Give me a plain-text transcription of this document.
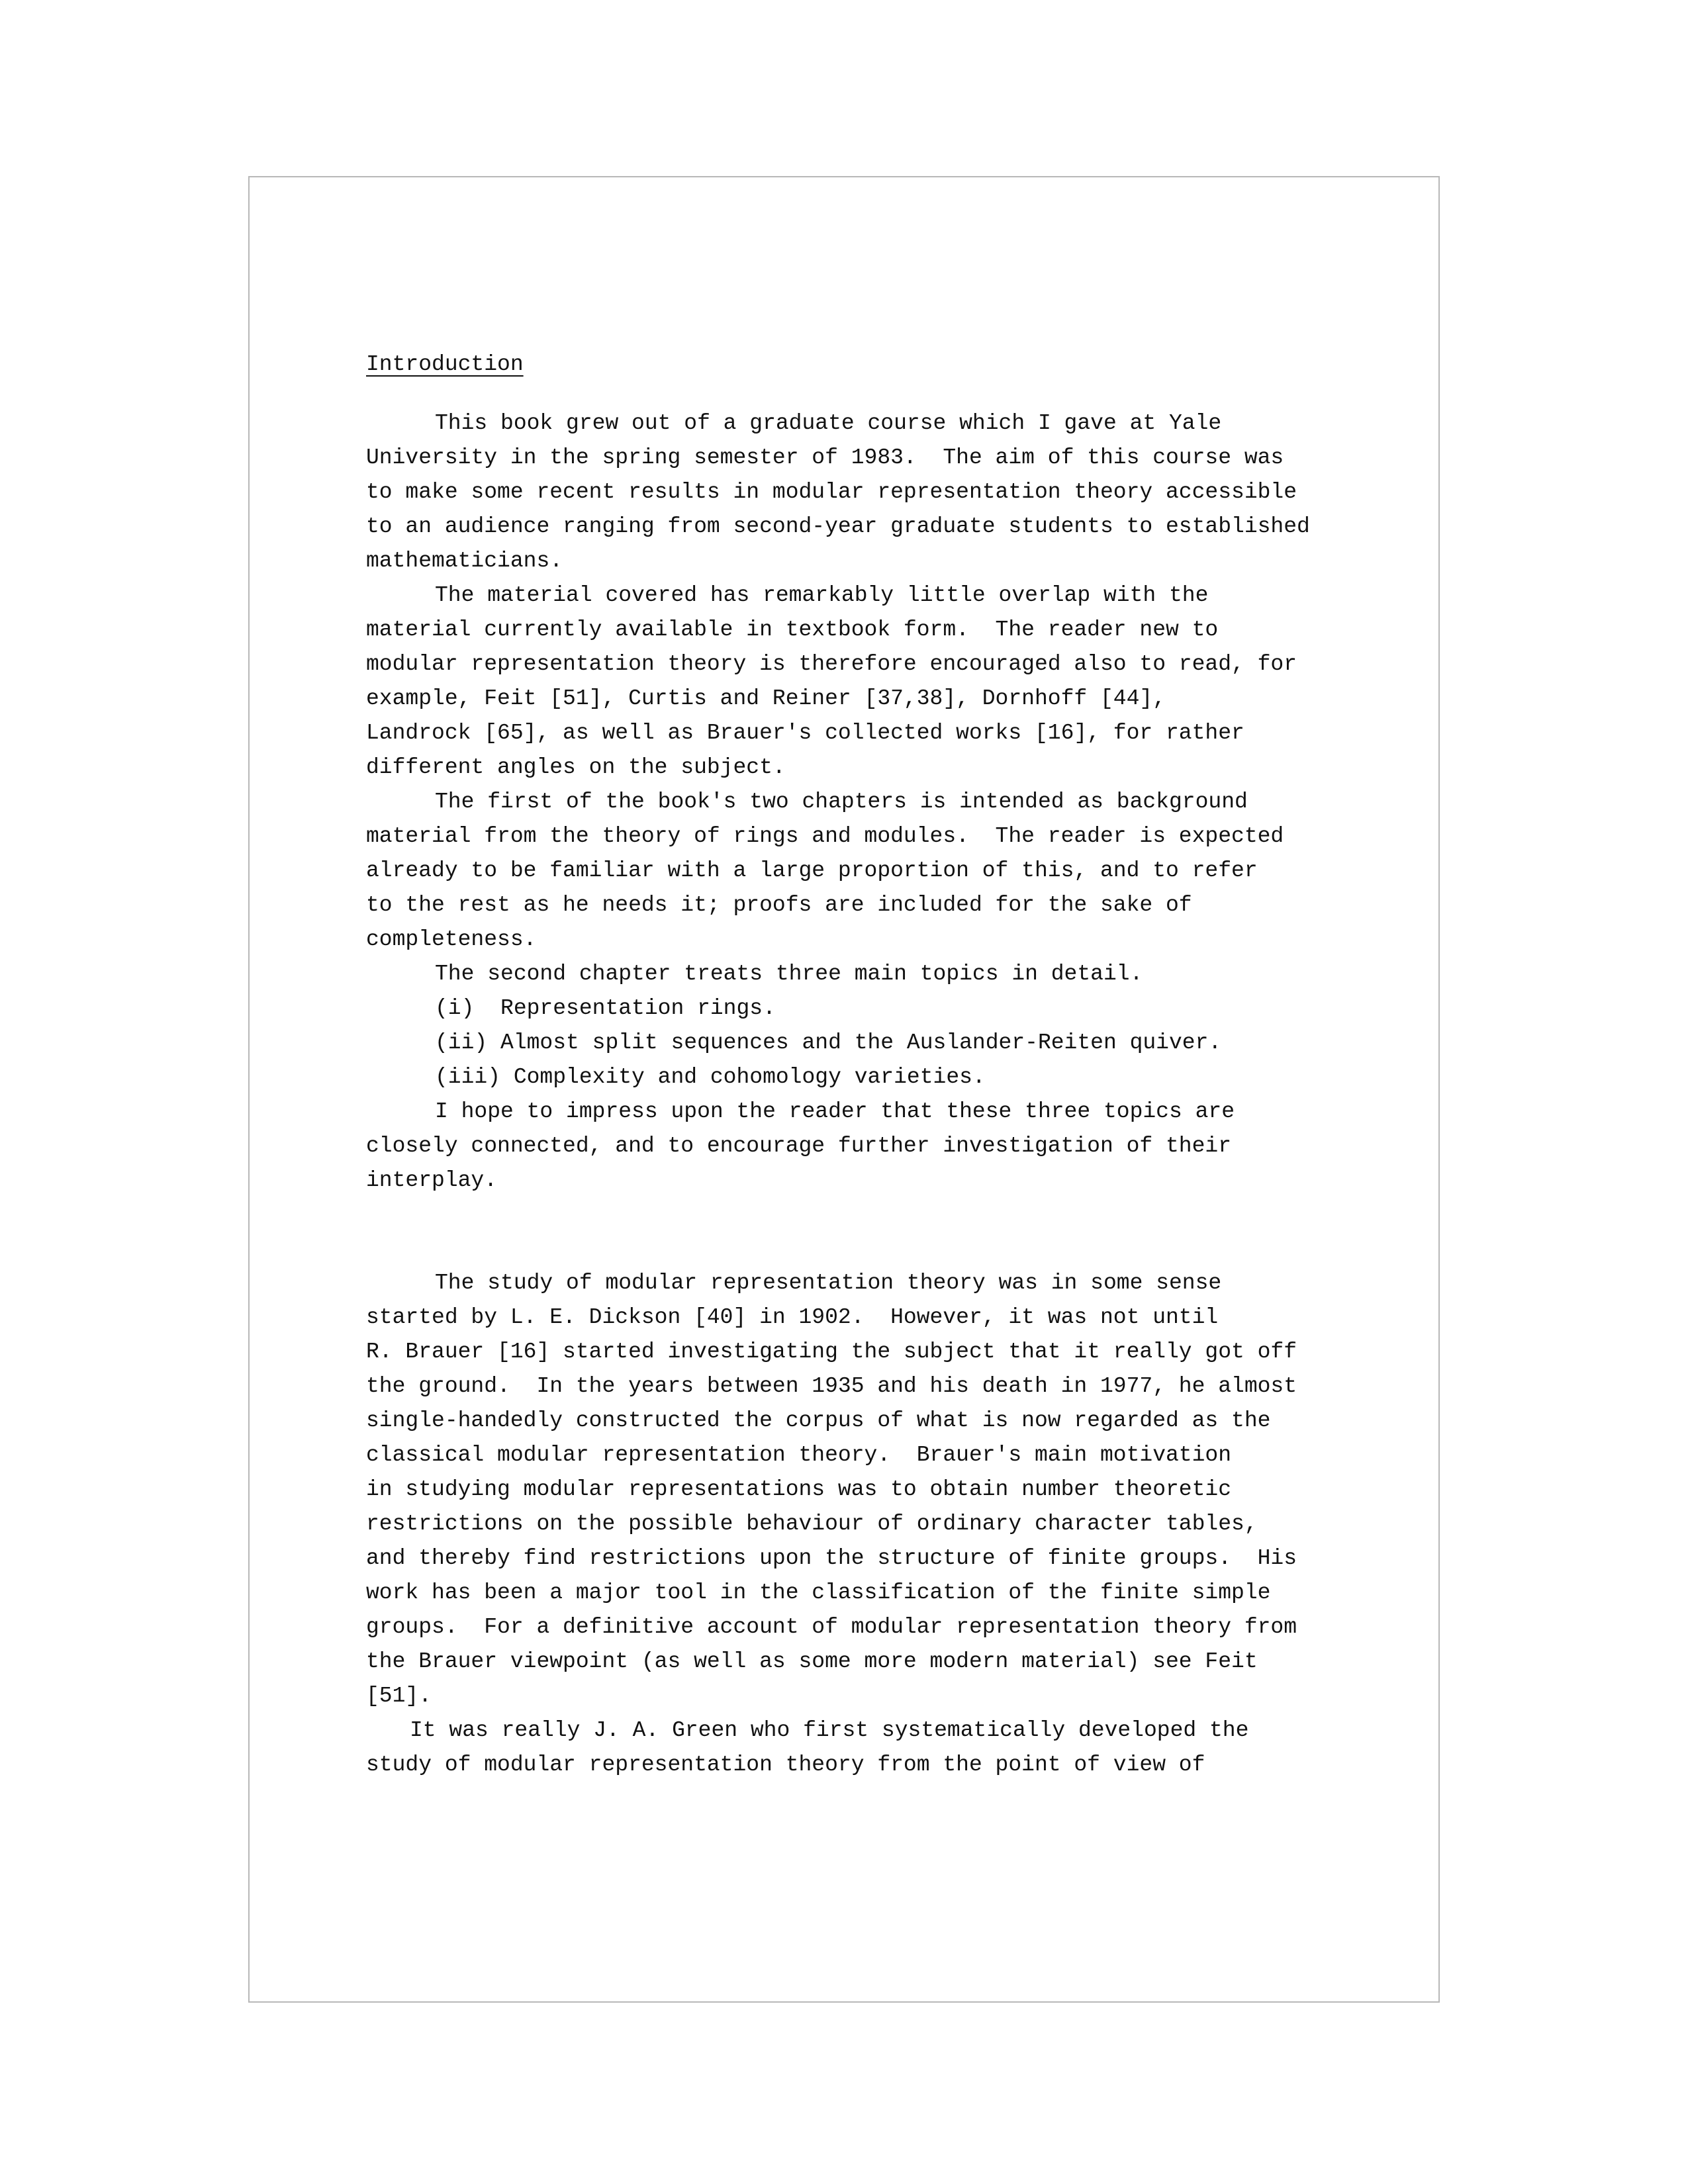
Introduction
This book grew out of a graduate course which I gave at Yale
University in the spring semester of 1983.  The aim of this course was
to make some recent results in modular representation theory accessible
to an audience ranging from second-year graduate students to established
mathematicians.
The material covered has remarkably little overlap with the
material currently available in textbook form.  The reader new to
modular representation theory is therefore encouraged also to read, for
example, Feit [51], Curtis and Reiner [37,38], Dornhoff [44],
Landrock [65], as well as Brauer's collected works [16], for rather
different angles on the subject.
The first of the book's two chapters is intended as background
material from the theory of rings and modules.  The reader is expected
already to be familiar with a large proportion of this, and to refer
to the rest as he needs it; proofs are included for the sake of
completeness.
The second chapter treats three main topics in detail.
(i)  Representation rings.
(ii) Almost split sequences and the Auslander-Reiten quiver.
(iii) Complexity and cohomology varieties.
I hope to impress upon the reader that these three topics are
closely connected, and to encourage further investigation of their
interplay.
The study of modular representation theory was in some sense
started by L. E. Dickson [40] in 1902.  However, it was not until
R. Brauer [16] started investigating the subject that it really got off
the ground.  In the years between 1935 and his death in 1977, he almost
single-handedly constructed the corpus of what is now regarded as the
classical modular representation theory.  Brauer's main motivation
in studying modular representations was to obtain number theoretic
restrictions on the possible behaviour of ordinary character tables,
and thereby find restrictions upon the structure of finite groups.  His
work has been a major tool in the classification of the finite simple
groups.  For a definitive account of modular representation theory from
the Brauer viewpoint (as well as some more modern material) see Feit
[51].
It was really J. A. Green who first systematically developed the
study of modular representation theory from the point of view of
